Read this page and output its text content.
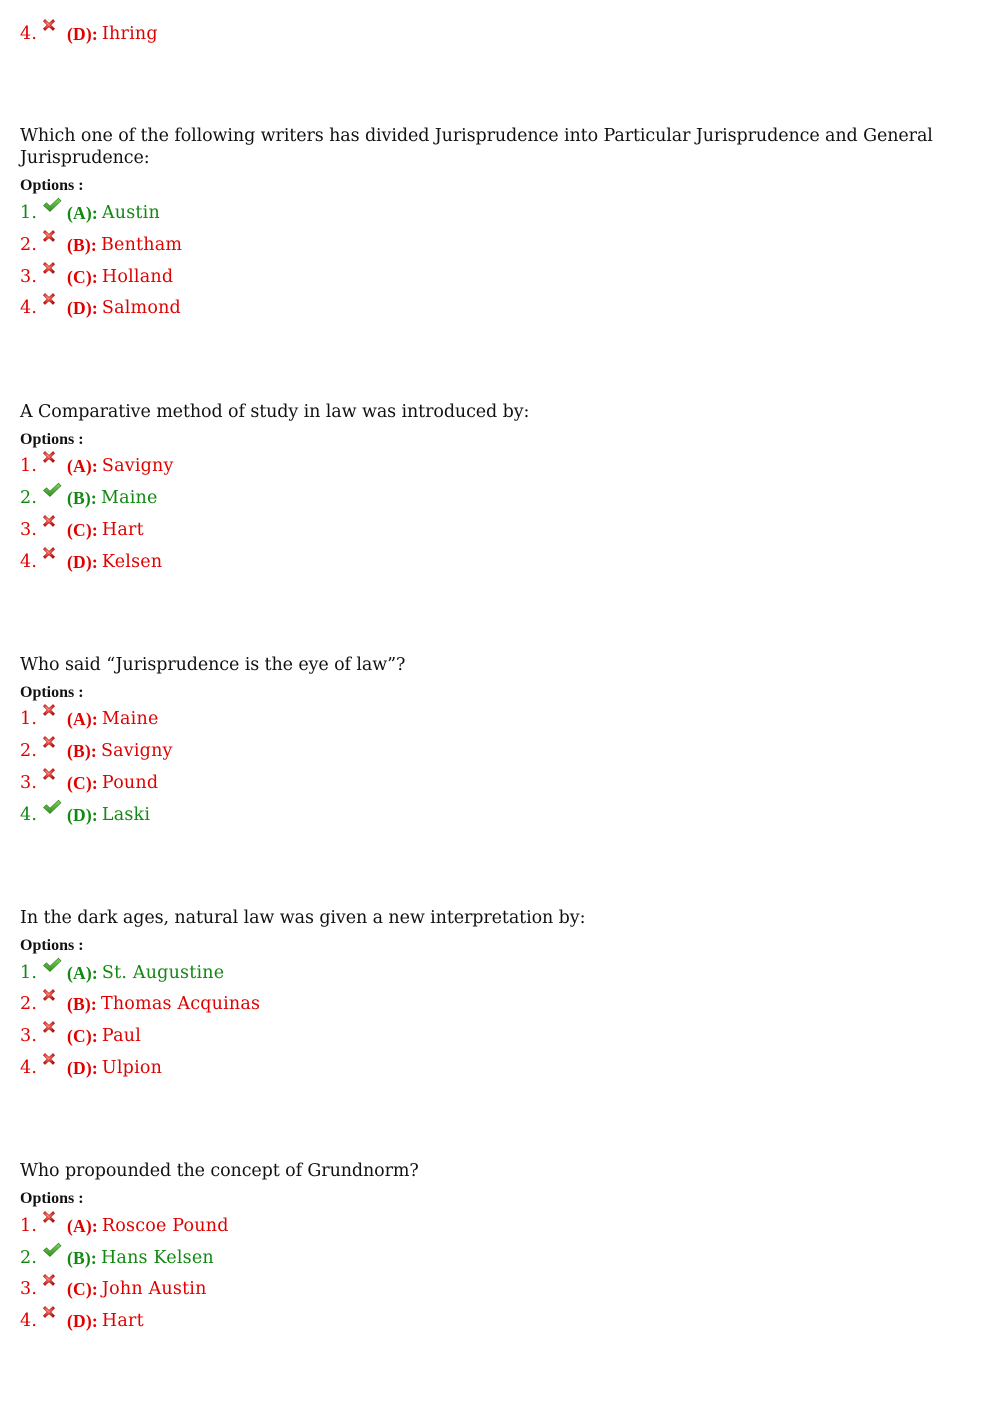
4. (D): Ihring
Which one of the following writers has divided Jurisprudence into Particular Jurisprudence and General Jurisprudence:
Options :
1. (A): Austin
2. (B): Bentham
3. (C): Holland
4. (D): Salmond
A Comparative method of study in law was introduced by:
Options :
1. (A): Savigny
2. (B): Maine
3. (C): Hart
4. (D): Kelsen
Who said “Jurisprudence is the eye of law”?
Options :
1. (A): Maine
2. (B): Savigny
3. (C): Pound
4. (D): Laski
In the dark ages, natural law was given a new interpretation by:
Options :
1. (A): St. Augustine
2. (B): Thomas Acquinas
3. (C): Paul
4. (D): Ulpion
Who propounded the concept of Grundnorm?
Options :
1. (A): Roscoe Pound
2. (B): Hans Kelsen
3. (C): John Austin
4. (D): Hart
